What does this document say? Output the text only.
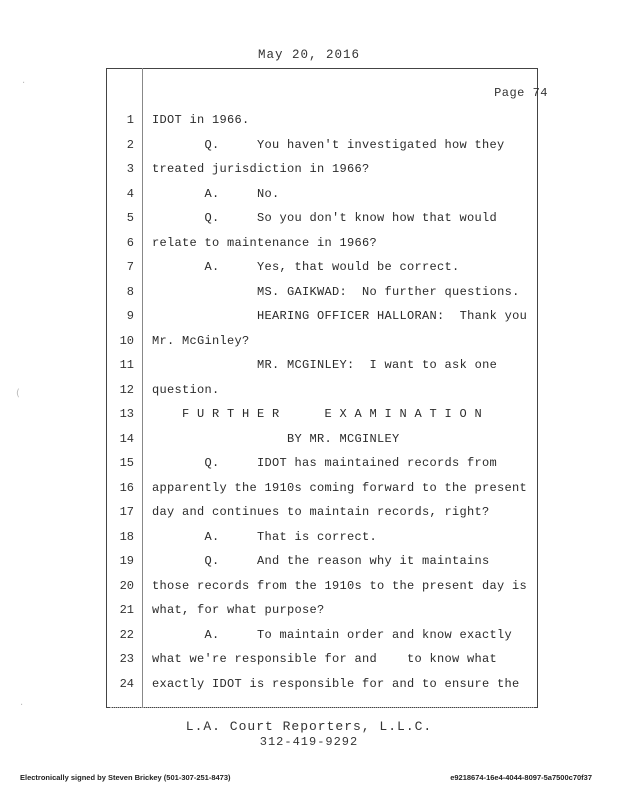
May 20, 2016
Page 74
1 IDOT in 1966.
2	Q.     You haven't investigated how they
3 treated jurisdiction in 1966?
4	A.     No.
5	Q.     So you don't know how that would
6 relate to maintenance in 1966?
7	A.     Yes, that would be correct.
8	MS. GAIKWAD:  No further questions.
9	HEARING OFFICER HALLORAN:  Thank you
10 Mr. McGinley?
11	MR. MCGINLEY:  I want to ask one
12 question.
13	F U R T H E R      E X A M I N A T I O N
14	BY MR. MCGINLEY
15	Q.     IDOT has maintained records from
16 apparently the 1910s coming forward to the present
17 day and continues to maintain records, right?
18	A.     That is correct.
19	Q.     And the reason why it maintains
20 those records from the 1910s to the present day is
21 what, for what purpose?
22	A.     To maintain order and know exactly
23 what we're responsible for and    to know what
24 exactly IDOT is responsible for and to ensure the
L.A. Court Reporters, L.L.C.
312-419-9292
Electronically signed by Steven Brickey (501-307-251-8473)	e9218674-16e4-4044-8097-5a7500c70f37
·
(
·
